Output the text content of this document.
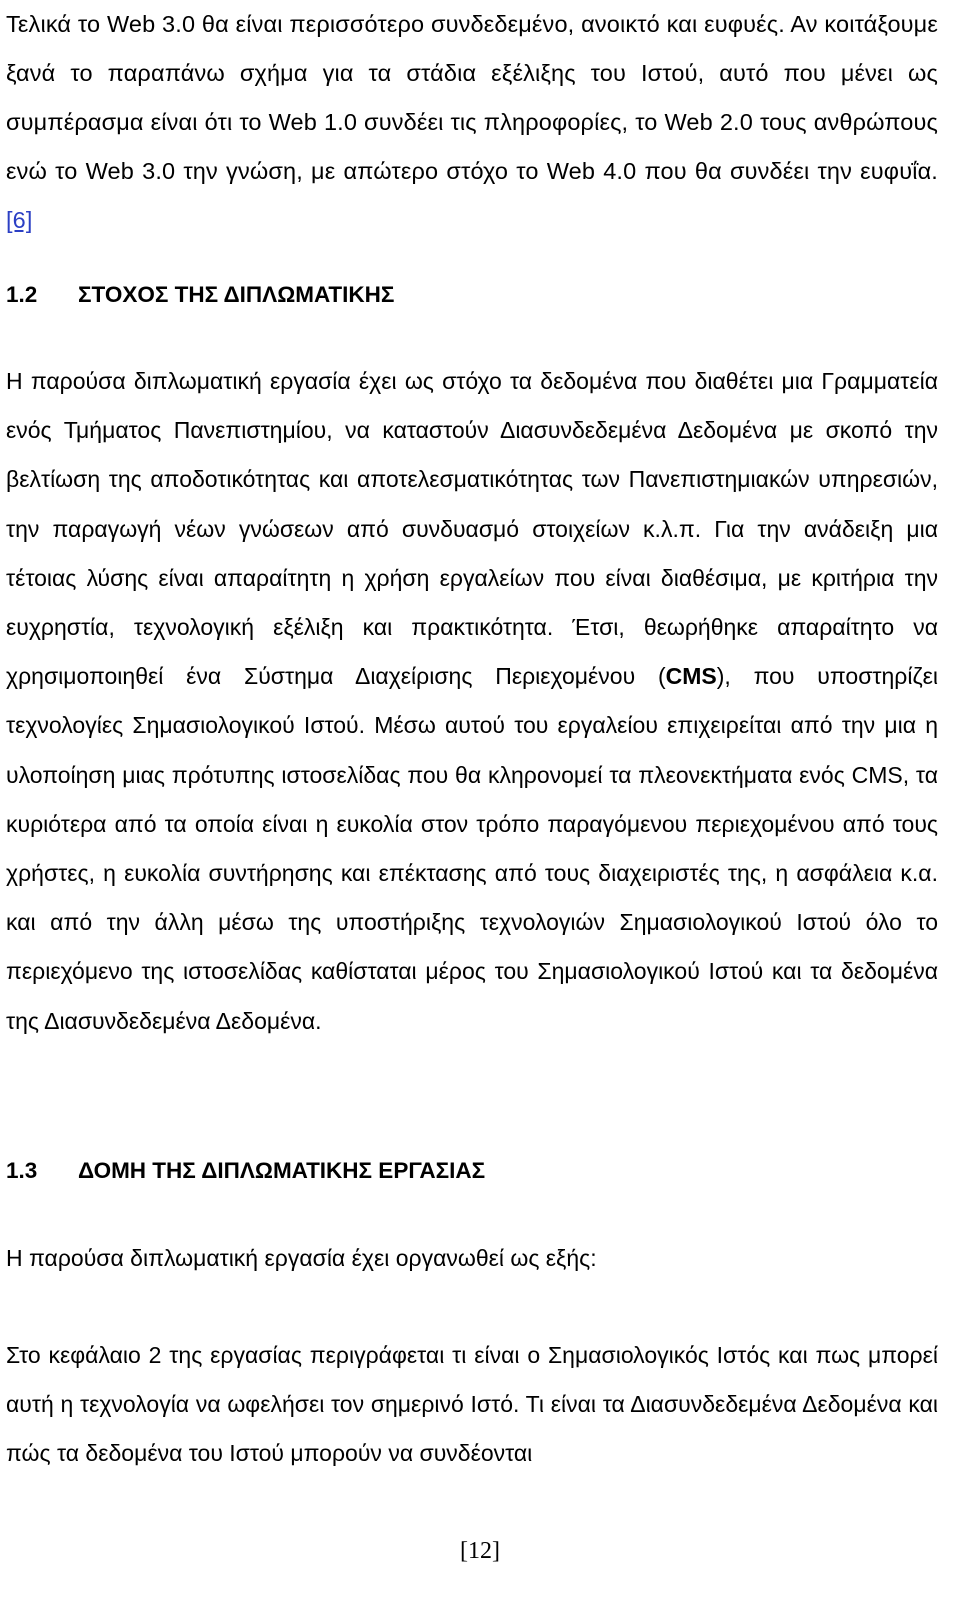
Τελικά το Web 3.0 θα είναι περισσότερο συνδεδεμένο, ανοικτό και ευφυές. Αν κοιτάξουμε ξανά το παραπάνω σχήμα για τα στάδια εξέλιξης του Ιστού, αυτό που μένει ως συμπέρασμα είναι ότι το Web 1.0 συνδέει τις πληροφορίες, το Web 2.0 τους ανθρώπους ενώ το Web 3.0 την γνώση, με απώτερο στόχο το Web 4.0 που θα συνδέει την ευφυΐα. [6]

1.2 ΣΤΟΧΟΣ ΤΗΣ ΔΙΠΛΩΜΑΤΙΚΗΣ

Η παρούσα διπλωματική εργασία έχει ως στόχο τα δεδομένα που διαθέτει μια Γραμματεία ενός Τμήματος Πανεπιστημίου, να καταστούν Διασυνδεδεμένα Δεδομένα με σκοπό την βελτίωση της αποδοτικότητας και αποτελεσματικότητας των Πανεπιστημιακών υπηρεσιών, την παραγωγή νέων γνώσεων από συνδυασμό στοιχείων κ.λ.π. Για την ανάδειξη μια τέτοιας λύσης είναι απαραίτητη η χρήση εργαλείων που είναι διαθέσιμα, με κριτήρια την ευχρηστία, τεχνολογική εξέλιξη και πρακτικότητα. Έτσι, θεωρήθηκε απαραίτητο να χρησιμοποιηθεί ένα Σύστημα Διαχείρισης Περιεχομένου (CMS), που υποστηρίζει τεχνολογίες Σημασιολογικού Ιστού. Μέσω αυτού του εργαλείου επιχειρείται από την μια η υλοποίηση μιας πρότυπης ιστοσελίδας που θα κληρονομεί τα πλεονεκτήματα ενός CMS, τα κυριότερα από τα οποία είναι η ευκολία στον τρόπο παραγόμενου περιεχομένου από τους χρήστες, η ευκολία συντήρησης και επέκτασης από τους διαχειριστές της, η ασφάλεια κ.α. και από την άλλη μέσω της υποστήριξης τεχνολογιών Σημασιολογικού Ιστού όλο το περιεχόμενο της ιστοσελίδας καθίσταται μέρος του Σημασιολογικού Ιστού και τα δεδομένα της Διασυνδεδεμένα Δεδομένα.

1.3 ΔΟΜΗ ΤΗΣ ΔΙΠΛΩΜΑΤΙΚΗΣ ΕΡΓΑΣΙΑΣ

Η παρούσα διπλωματική εργασία έχει οργανωθεί ως εξής:

Στο κεφάλαιο 2 της εργασίας περιγράφεται τι είναι ο Σημασιολογικός Ιστός και πως μπορεί αυτή η τεχνολογία να ωφελήσει τον σημερινό Ιστό. Τι είναι τα Διασυνδεδεμένα Δεδομένα και πώς τα δεδομένα του Ιστού μπορούν να συνδέονται

[12]
